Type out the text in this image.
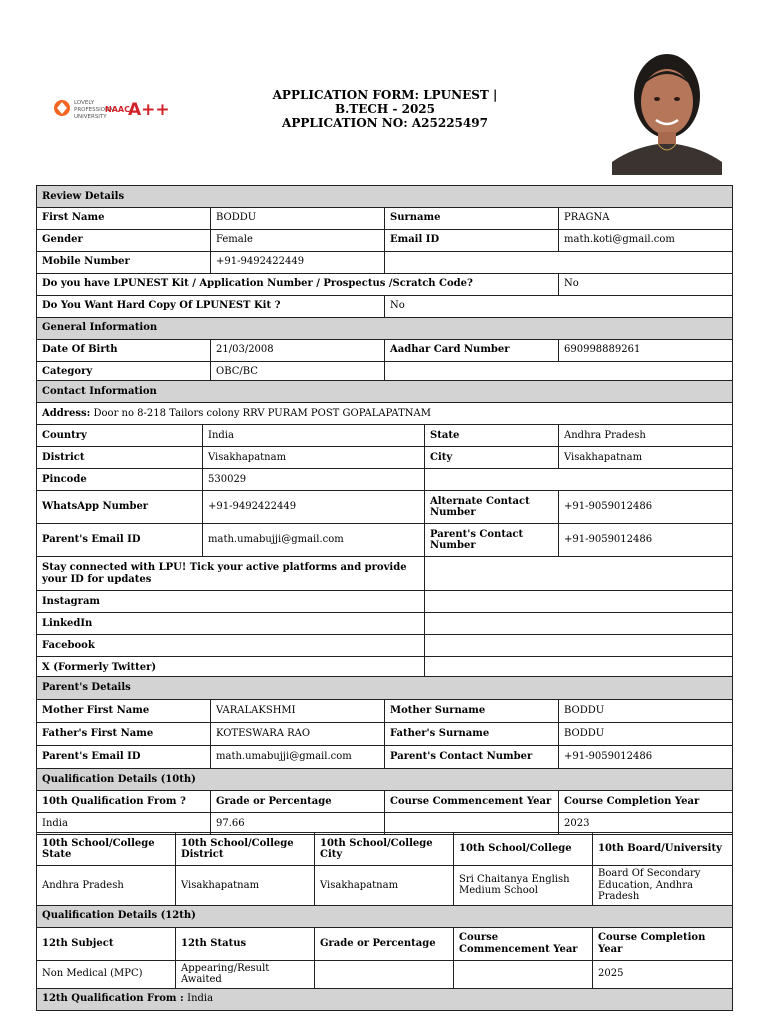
LOVELY
PROFESSIONAL
UNIVERSITY
NAAC
A++
APPLICATION FORM: LPUNEST |
B.TECH - 2025
APPLICATION NO: A25225497
Review Details			
First Name	BODDU	Surname	PRAGNA
Gender	Female	Email ID	math.koti@gmail.com
Mobile Number	+91-9492422449		
Do you have LPUNEST Kit / Application Number / Prospectus /Scratch Code?			No
Do You Want Hard Copy Of LPUNEST Kit ?		No	
General Information			
Date Of Birth	21/03/2008	Aadhar Card Number	690998889261
Category	OBC/BC		
Contact Information			
Address: Door no 8-218 Tailors colony RRV PURAM POST GOPALAPATNAM			
Country	India	State	Andhra Pradesh
District	Visakhapatnam	City	Visakhapatnam
Pincode	530029		
WhatsApp Number	+91-9492422449	Alternate Contact Number	+91-9059012486
Parent's Email ID	math.umabujji@gmail.com	Parent's Contact Number	+91-9059012486
Stay connected with LPU! Tick your active platforms and provide your ID for updates			
Instagram			
LinkedIn			
Facebook			
X (Formerly Twitter)			
Parent's Details			
Mother First Name	VARALAKSHMI	Mother Surname	BODDU
Father's First Name	KOTESWARA RAO	Father's Surname	BODDU
Parent's Email ID	math.umabujji@gmail.com	Parent's Contact Number	+91-9059012486
Qualification Details (10th)			
10th Qualification From ?	Grade or Percentage	Course Commencement Year	Course Completion Year
India	97.66		2023
10th School/College State	10th School/College District	10th School/College City	10th School/College	10th Board/University
Andhra Pradesh	Visakhapatnam	Visakhapatnam	Sri Chaitanya English Medium School	Board Of Secondary Education, Andhra Pradesh
Qualification Details (12th)				
12th Subject	12th Status	Grade or Percentage	Course Commencement Year	Course Completion Year
Non Medical (MPC)	Appearing/Result Awaited			2025
12th Qualification From : India				
